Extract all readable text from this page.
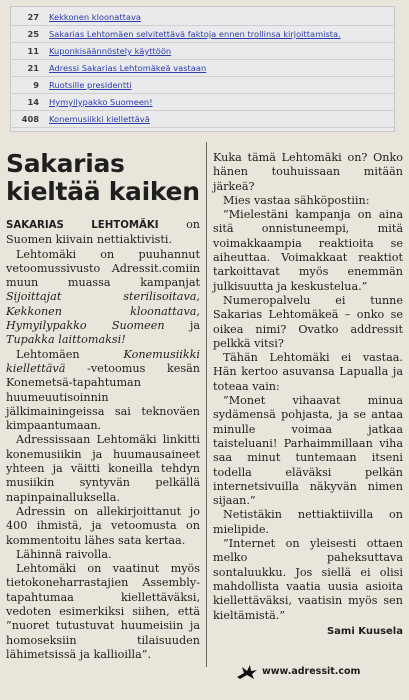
27 Kekkonen kloonattava
25 Sakarias Lehtomäen selvitettävä faktoja ennen trollinsa kirjoittamista.
11 Kuponkisäännöstely käyttöön
21 Adressi Sakarias Lehtomäkeä vastaan
9 Ruotsille presidentti
14 Hymyilypakko Suomeen!
408 Konemusiikki kiellettävä
Sakarias kieltää kaiken

SAKARIAS LEHTOMÄKI on Suomen kiivain nettiaktivisti.

Lehtomäki on puuhannut vetoomussivusto Adressit.comiin muun muassa kampanjat Sijoittajat sterilisoitava, Kekkonen kloonattava, Hymyilypakko Suomeen ja Tupakka laittomaksi!

Lehtomäen Konemusiikki kiellettävä -vetoomus kesän Konemetsä-tapahtuman huumeuutisoinnin jälkimainingeissa sai teknoväen kimpaantumaan.

Adressissaan Lehtomäki linkitti konemusiikin ja huumausaineet yhteen ja väitti koneilla tehdyn musiikin syntyvän pelkällä napinpainalluksella.

Adressin on allekirjoittanut jo 400 ihmistä, ja vetoomusta on kommentoitu lähes sata kertaa.

Lähinnä raivolla.

Lehtomäki on vaatinut myös tietokoneharrastajien Assembly-tapahtumaa kiellettäväksi, vedoten esimerkiksi siihen, että ”nuoret tutustuvat huumeisiin ja homoseksiin tilaisuuden lähimetsissä ja kallioilla”.

Kuka tämä Lehtomäki on? Onko hänen touhuissaan mitään järkeä?

Mies vastaa sähköpostiin:

”Mielestäni kampanja on aina sitä onnistuneempi, mitä voimakkaampia reaktioita se aiheuttaa. Voimakkaat reaktiot tarkoittavat myös enemmän julkisuutta ja keskustelua.”

Numeropalvelu ei tunne Sakarias Lehtomäkeä – onko se oikea nimi? Ovatko addressit pelkkä vitsi?

Tähän Lehtomäki ei vastaa. Hän kertoo asuvansa Lapualla ja toteaa vain:

”Monet vihaavat minua sydämensä pohjasta, ja se antaa minulle voimaa jatkaa taisteluani! Parhaimmillaan viha saa minut tuntemaan itseni todella eläväksi pelkän internetsivuilla näkyvän nimen sijaan.”

Netistäkin nettiaktiivilla on mielipide.

”Internet on yleisesti ottaen melko paheksuttava sontaluukku. Jos siellä ei olisi mahdollista vaatia uusia asioita kiellettäväksi, vaatisin myös sen kieltämistä.”

Sami Kuusela
www.adressit.com
